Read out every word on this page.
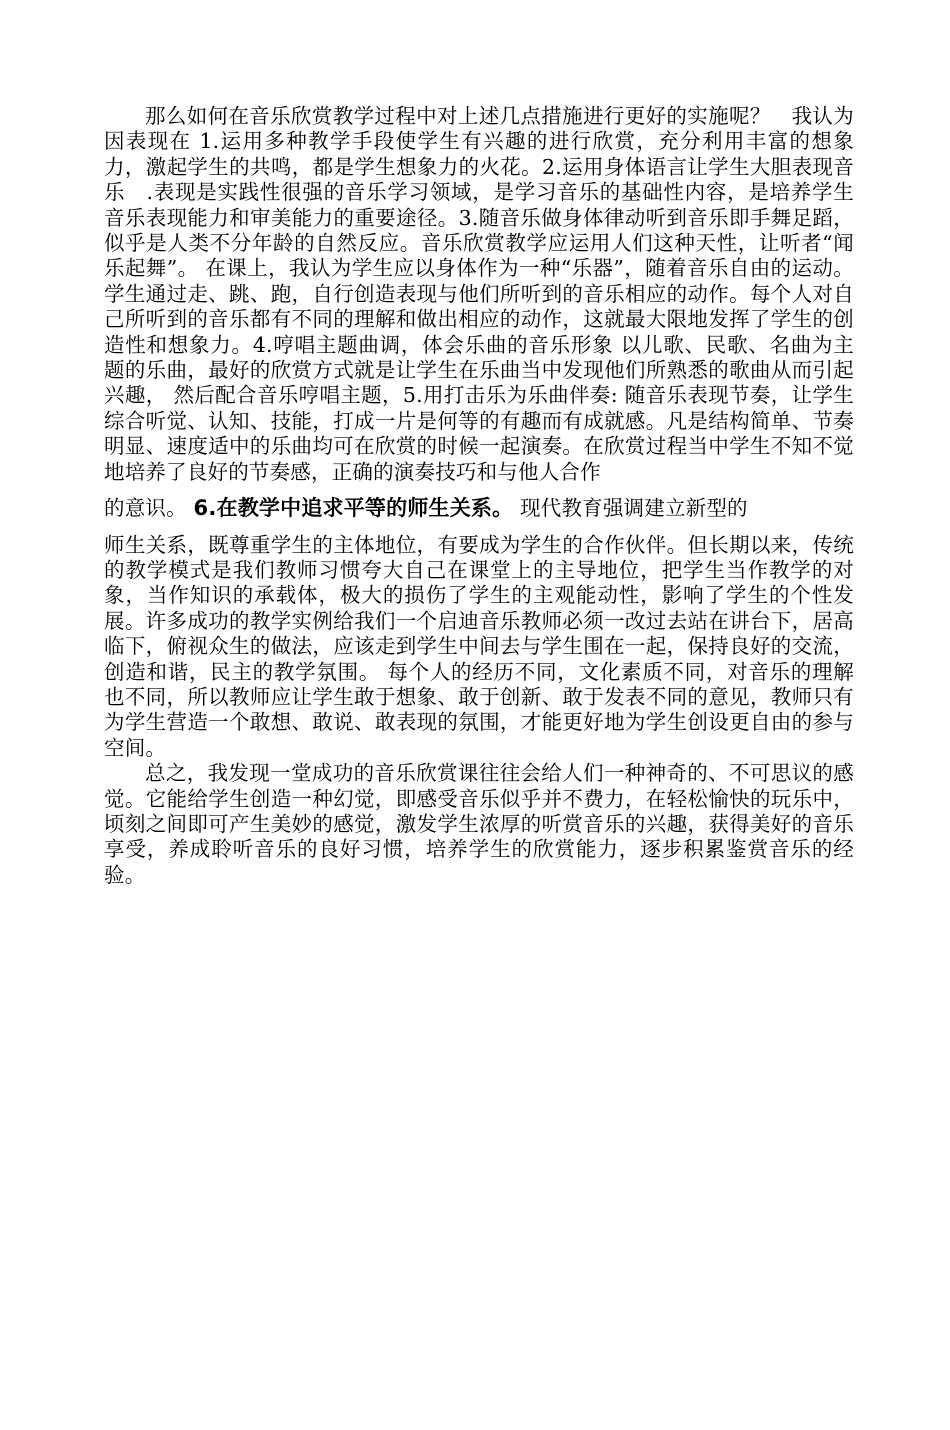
那么如何在音乐欣赏教学过程中对上述几点措施进行更好的实施呢？　我认为因表现在 1.运用多种教学手段使学生有兴趣的进行欣赏，充分利用丰富的想象力，激起学生的共鸣，都是学生想象力的火花。2.运用身体语言让学生大胆表现音乐　.表现是实践性很强的音乐学习领域，是学习音乐的基础性内容，是培养学生音乐表现能力和审美能力的重要途径。3.随音乐做身体律动听到音乐即手舞足蹈，似乎是人类不分年龄的自然反应。音乐欣赏教学应运用人们这种天性，让听者“闻乐起舞”。 在课上，我认为学生应以身体作为一种“乐器”，随着音乐自由的运动。学生通过走、跳、跑，自行创造表现与他们所听到的音乐相应的动作。每个人对自己所听到的音乐都有不同的理解和做出相应的动作，这就最大限地发挥了学生的创造性和想象力。4.哼唱主题曲调，体会乐曲的音乐形象 以儿歌、民歌、名曲为主题的乐曲，最好的欣赏方式就是让学生在乐曲当中发现他们所熟悉的歌曲从而引起兴趣， 然后配合音乐哼唱主题，5.用打击乐为乐曲伴奏: 随音乐表现节奏，让学生综合听觉、认知、技能，打成一片是何等的有趣而有成就感。凡是结构简单、节奏明显、速度适中的乐曲均可在欣赏的时候一起演奏。在欣赏过程当中学生不知不觉地培养了良好的节奏感，正确的演奏技巧和与他人合作

的意识。 6.在教学中追求平等的师生关系。 现代教育强调建立新型的

师生关系，既尊重学生的主体地位，有要成为学生的合作伙伴。但长期以来，传统的教学模式是我们教师习惯夸大自己在课堂上的主导地位，把学生当作教学的对象，当作知识的承载体，极大的损伤了学生的主观能动性，影响了学生的个性发展。许多成功的教学实例给我们一个启迪音乐教师必须一改过去站在讲台下，居高临下，俯视众生的做法，应该走到学生中间去与学生围在一起，保持良好的交流，创造和谐，民主的教学氛围。 每个人的经历不同，文化素质不同，对音乐的理解也不同，所以教师应让学生敢于想象、敢于创新、敢于发表不同的意见，教师只有为学生营造一个敢想、敢说、敢表现的氛围，才能更好地为学生创设更自由的参与空间。

总之，我发现一堂成功的音乐欣赏课往往会给人们一种神奇的、不可思议的感觉。它能给学生创造一种幻觉，即感受音乐似乎并不费力，在轻松愉快的玩乐中，顷刻之间即可产生美妙的感觉，激发学生浓厚的听赏音乐的兴趣，获得美好的音乐享受，养成聆听音乐的良好习惯，培养学生的欣赏能力，逐步积累鉴赏音乐的经验。
